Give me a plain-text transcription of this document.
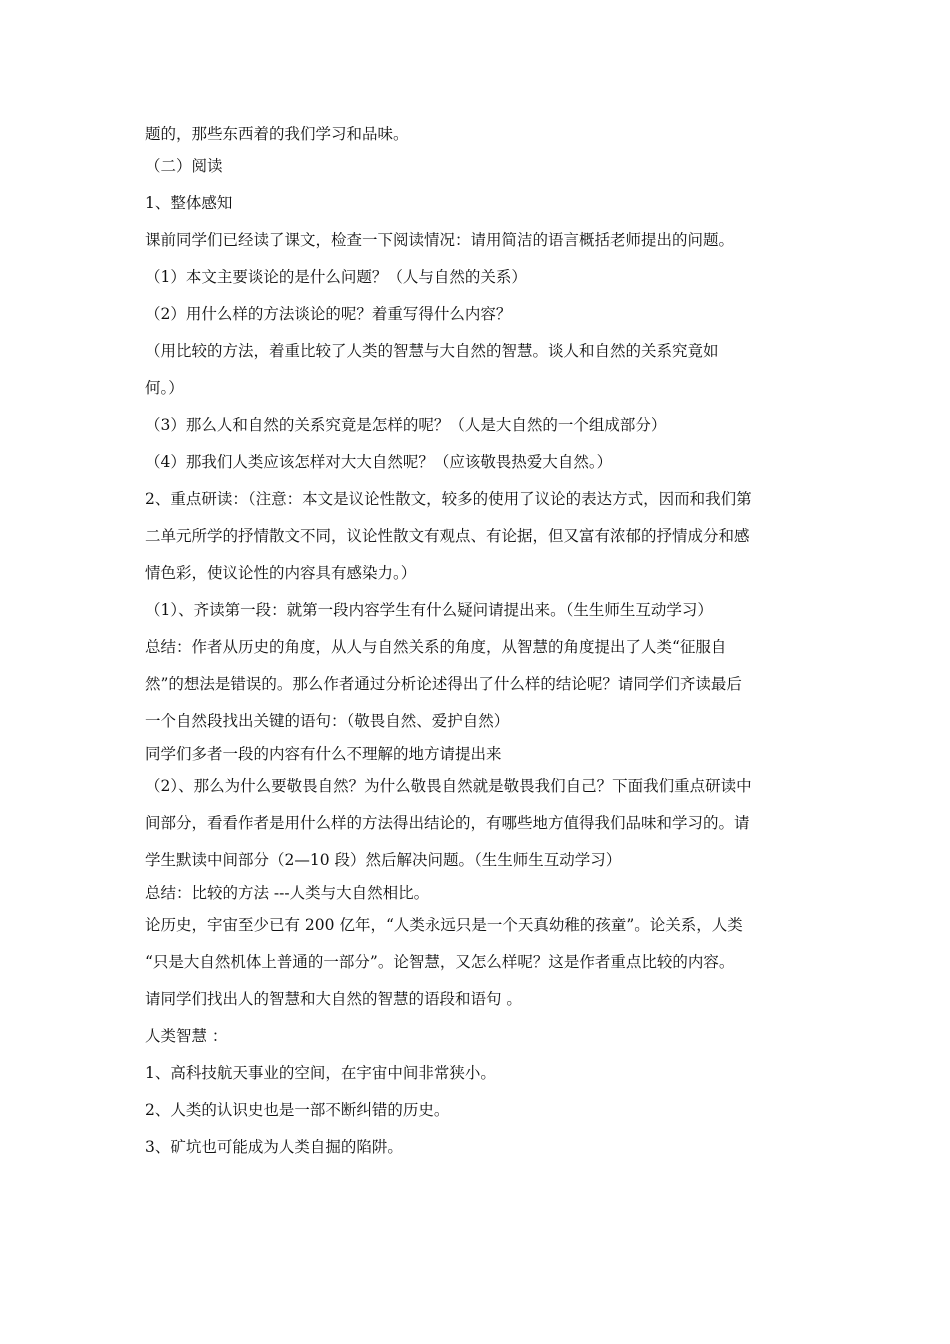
题的，那些东西着的我们学习和品味。
（二）阅读
1、整体感知
课前同学们已经读了课文，检查一下阅读情况：请用简洁的语言概括老师提出的问题。
（1）本文主要谈论的是什么问题？（人与自然的关系）
（2）用什么样的方法谈论的呢？着重写得什么内容？
（用比较的方法，着重比较了人类的智慧与大自然的智慧。谈人和自然的关系究竟如
何。）
（3）那么人和自然的关系究竟是怎样的呢？（人是大自然的一个组成部分）
（4）那我们人类应该怎样对大大自然呢？（应该敬畏热爱大自然。）
2、重点研读：（注意：本文是议论性散文，较多的使用了议论的表达方式，因而和我们第
二单元所学的抒情散文不同，议论性散文有观点、有论据，但又富有浓郁的抒情成分和感
情色彩，使议论性的内容具有感染力。）
（1）、齐读第一段：就第一段内容学生有什么疑问请提出来。（生生师生互动学习）
总结：作者从历史的角度，从人与自然关系的角度，从智慧的角度提出了人类“征服自
然”的想法是错误的。那么作者通过分析论述得出了什么样的结论呢？请同学们齐读最后
一个自然段找出关键的语句：（敬畏自然、爱护自然）
同学们多者一段的内容有什么不理解的地方请提出来
（2）、那么为什么要敬畏自然？为什么敬畏自然就是敬畏我们自己？下面我们重点研读中
间部分，看看作者是用什么样的方法得出结论的，有哪些地方值得我们品味和学习的。请
学生默读中间部分（2—10 段）然后解决问题。（生生师生互动学习）
总结：比较的方法 ---人类与大自然相比。
论历史，宇宙至少已有 200 亿年，“人类永远只是一个天真幼稚的孩童”。论关系，人类
“只是大自然机体上普通的一部分”。论智慧，又怎么样呢？这是作者重点比较的内容。
请同学们找出人的智慧和大自然的智慧的语段和语句 。
人类智慧 ：
1、高科技航天事业的空间，在宇宙中间非常狭小。
2、人类的认识史也是一部不断纠错的历史。
3、矿坑也可能成为人类自掘的陷阱。
